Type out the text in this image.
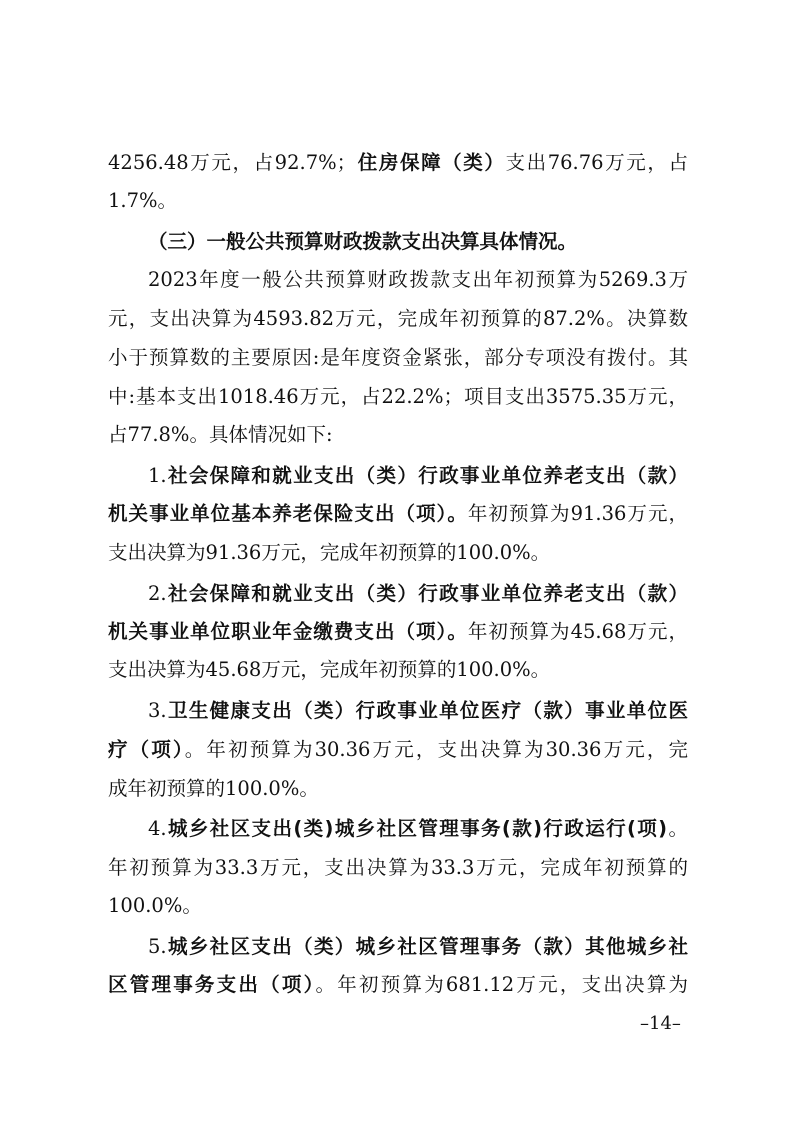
4256.48万元，占92.7%；住房保障（类）支出76.76万元，占
1.7%。
（三）一般公共预算财政拨款支出决算具体情况。
2023年度一般公共预算财政拨款支出年初预算为5269.3万
元，支出决算为4593.82万元，完成年初预算的87.2%。决算数
小于预算数的主要原因:是年度资金紧张，部分专项没有拨付。其
中:基本支出1018.46万元，占22.2%；项目支出3575.35万元，
占77.8%。具体情况如下:
1.社会保障和就业支出（类）行政事业单位养老支出（款）
机关事业单位基本养老保险支出（项）。年初预算为91.36万元，
支出决算为91.36万元，完成年初预算的100.0%。
2.社会保障和就业支出（类）行政事业单位养老支出（款）
机关事业单位职业年金缴费支出（项）。年初预算为45.68万元，
支出决算为45.68万元，完成年初预算的100.0%。
3.卫生健康支出（类）行政事业单位医疗（款）事业单位医
疗（项）。年初预算为30.36万元，支出决算为30.36万元，完
成年初预算的100.0%。
4.城乡社区支出(类)城乡社区管理事务(款)行政运行(项)。
年初预算为33.3万元，支出决算为33.3万元，完成年初预算的
100.0%。
5.城乡社区支出（类）城乡社区管理事务（款）其他城乡社
区管理事务支出（项）。年初预算为681.12万元，支出决算为
–14–
